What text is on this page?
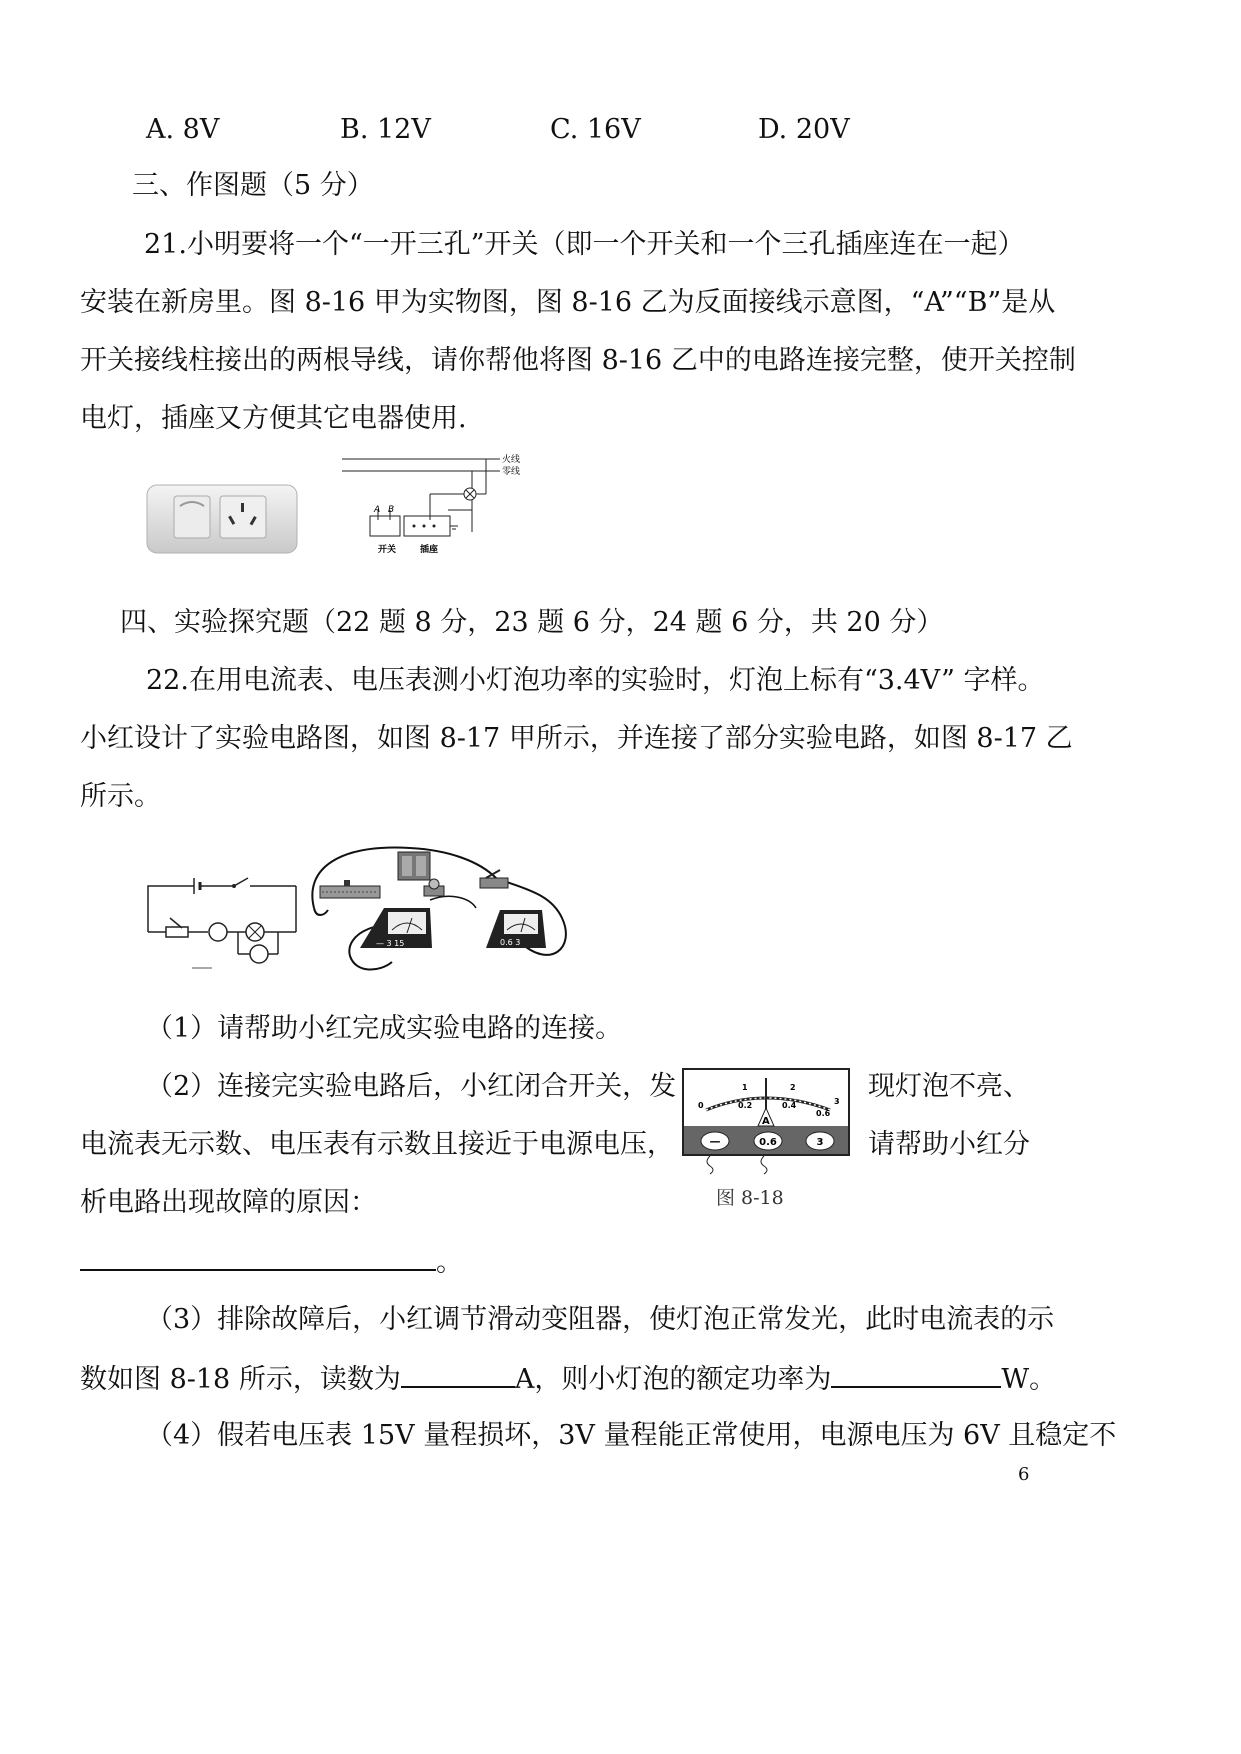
A. 8V	B. 12V	C. 16V	D. 20V
三、作图题（5 分）
21.小明要将一个“一开三孔”开关（即一个开关和一个三孔插座连在一起）
安装在新房里。图 8-16 甲为实物图，图 8-16 乙为反面接线示意图，“A”“B”是从
开关接线柱接出的两根导线，请你帮他将图 8-16 乙中的电路连接完整，使开关控制
电灯，插座又方便其它电器使用.
火线
零线
A B
开关	插座
四、实验探究题（22 题 8 分，23 题 6 分，24 题 6 分，共 20 分）
22.在用电流表、电压表测小灯泡功率的实验时，灯泡上标有“3.4V” 字样。
小红设计了实验电路图，如图 8-17 甲所示，并连接了部分实验电路，如图 8-17 乙
所示。
— 3 15	0.6 3
（1）请帮助小红完成实验电路的连接。
（2）连接完实验电路后，小红闭合开关，发	现灯泡不亮、
电流表无示数、电压表有示数且接近于电源电压，	请帮助小红分
析电路出现故障的原因：
0
1	2
3
0.2	0.4
0.6
A
—	0.6	3
图 8-18
。
（3）排除故障后，小红调节滑动变阻器，使灯泡正常发光，此时电流表的示
数如图 8-18 所示，读数为	A，则小灯泡的额定功率为	W。
（4）假若电压表 15V 量程损坏，3V 量程能正常使用，电源电压为 6V 且稳定不
6
